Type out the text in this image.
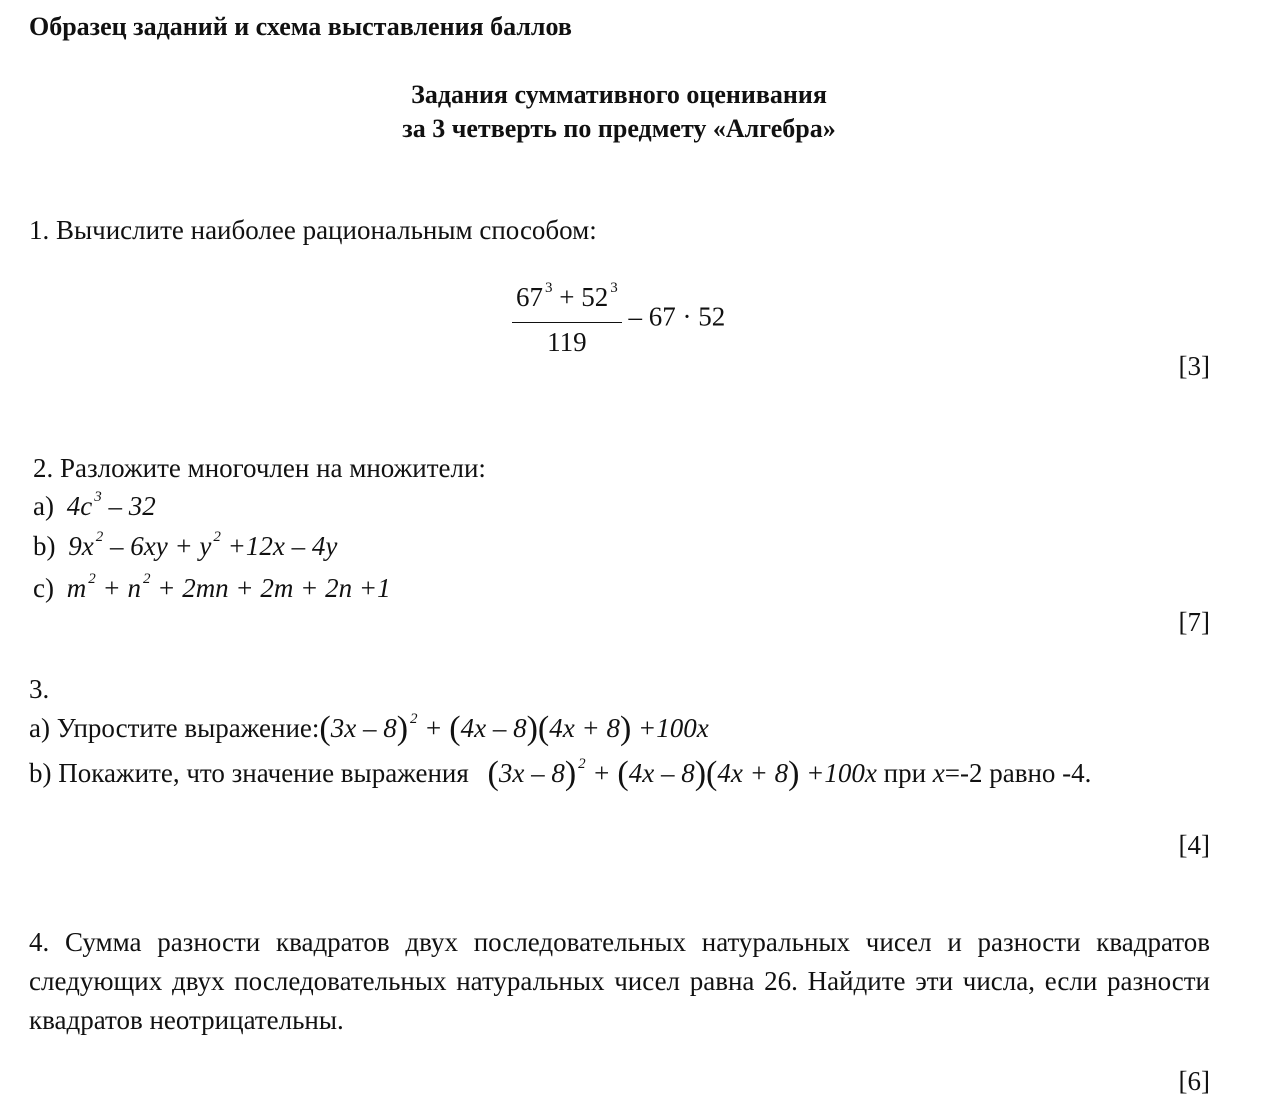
Образец заданий и схема выставления баллов
Задания суммативного оценивания
за 3 четверть по предмету «Алгебра»
1. Вычислите наиболее рациональным способом:
$\frac{67 ^3 + 52 ^3}{119} - 67 \cdot 52$
[3]
2. Разложите многочлен на множители:
a) 4c $^3$ – 32
b) 9x $^2$ – 6xy + y $^2$ +12x – 4y
c) m $^2$ + n $^2$ + 2mn + 2m + 2n +1
[7]
3.
a) Упростите выражение:(3x – 8) $^2$ + (4x – 8)(4x + 8) +100x
b) Покажите, что значение выражения (3x – 8) $^2$ + (4x – 8)(4x + 8) +100x при x=-2 равно -4.
[4]
4. Сумма разности квадратов двух последовательных натуральных чисел и разности квадратов следующих двух последовательных натуральных чисел равна 26. Найдите эти числа, если разности квадратов неотрицательны.
[6]
